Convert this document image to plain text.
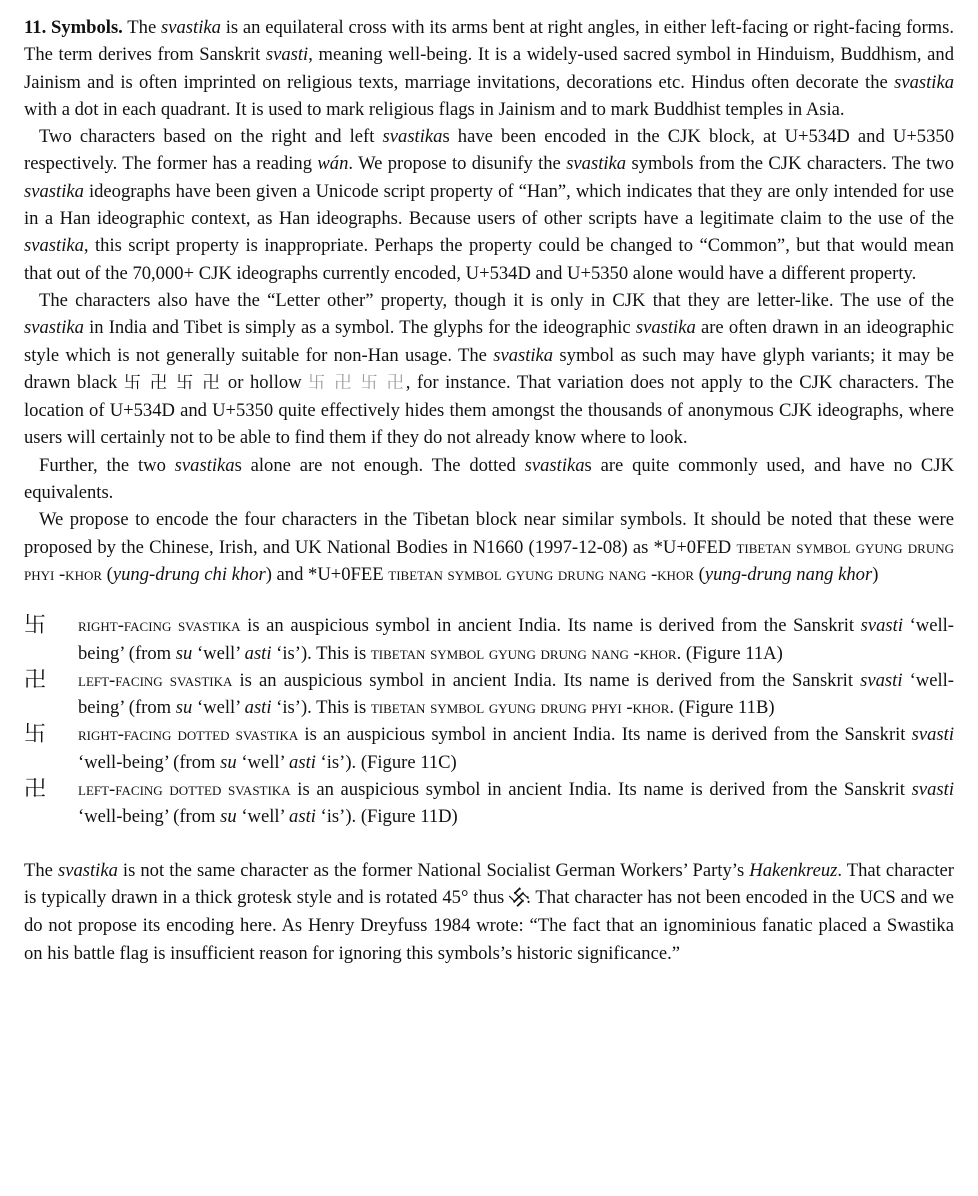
11. Symbols. The svastika is an equilateral cross with its arms bent at right angles, in either left-facing or right-facing forms. The term derives from Sanskrit svasti, meaning well-being. It is a widely-used sacred symbol in Hinduism, Buddhism, and Jainism and is often imprinted on religious texts, marriage invitations, decorations etc. Hindus often decorate the svastika with a dot in each quadrant. It is used to mark religious flags in Jainism and to mark Buddhist temples in Asia.

Two characters based on the right and left svastikas have been encoded in the CJK block, at U+534D and U+5350 respectively. The former has a reading wán. We propose to disunify the svastika symbols from the CJK characters. The two svastika ideographs have been given a Unicode script property of “Han”, which indicates that they are only intended for use in a Han ideographic context, as Han ideographs. Because users of other scripts have a legitimate claim to the use of the svastika, this script property is inappropriate. Perhaps the property could be changed to “Common”, but that would mean that out of the 70,000+ CJK ideographs currently encoded, U+534D and U+5350 alone would have a different property.

The characters also have the “Letter other” property, though it is only in CJK that they are letter-like. The use of the svastika in India and Tibet is simply as a symbol. The glyphs for the ideographic svastika are often drawn in an ideographic style which is not generally suitable for non-Han usage. The svastika symbol as such may have glyph variants; it may be drawn black 卐 卍 卐 卍 or hollow 卐 卍 卐 卍, for instance. That variation does not apply to the CJK characters. The location of U+534D and U+5350 quite effectively hides them amongst the thousands of anonymous CJK ideographs, where users will certainly not to be able to find them if they do not already know where to look.

Further, the two svastikas alone are not enough. The dotted svastikas are quite commonly used, and have no CJK equivalents.

We propose to encode the four characters in the Tibetan block near similar symbols. It should be noted that these were proposed by the Chinese, Irish, and UK National Bodies in N1660 (1997-12-08) as *U+0FED tibetan symbol gyung drung phyi -khor (yung-drung chi khor) and *U+0FEE tibetan symbol gyung drung nang -khor (yung-drung nang khor)

卐 right-facing svastika is an auspicious symbol in ancient India. Its name is derived from the Sanskrit svasti ‘well-being’ (from su ‘well’ asti ‘is’). This is tibetan symbol gyung drung nang -khor. (Figure 11A)

卍 left-facing svastika is an auspicious symbol in ancient India. Its name is derived from the Sanskrit svasti ‘well-being’ (from su ‘well’ asti ‘is’). This is tibetan symbol gyung drung phyi -khor. (Figure 11B)

卐 right-facing dotted svastika is an auspicious symbol in ancient India. Its name is derived from the Sanskrit svasti ‘well-being’ (from su ‘well’ asti ‘is’). (Figure 11C)

卍 left-facing dotted svastika is an auspicious symbol in ancient India. Its name is derived from the Sanskrit svasti ‘well-being’ (from su ‘well’ asti ‘is’). (Figure 11D)

The svastika is not the same character as the former National Socialist German Workers’ Party’s Hakenkreuz. That character is typically drawn in a thick grotesk style and is rotated 45° thus 卐. That character has not been encoded in the UCS and we do not propose its encoding here. As Henry Dreyfuss 1984 wrote: “The fact that an ignominious fanatic placed a Swastika on his battle flag is insufficient reason for ignoring this symbols’s historic significance.”
